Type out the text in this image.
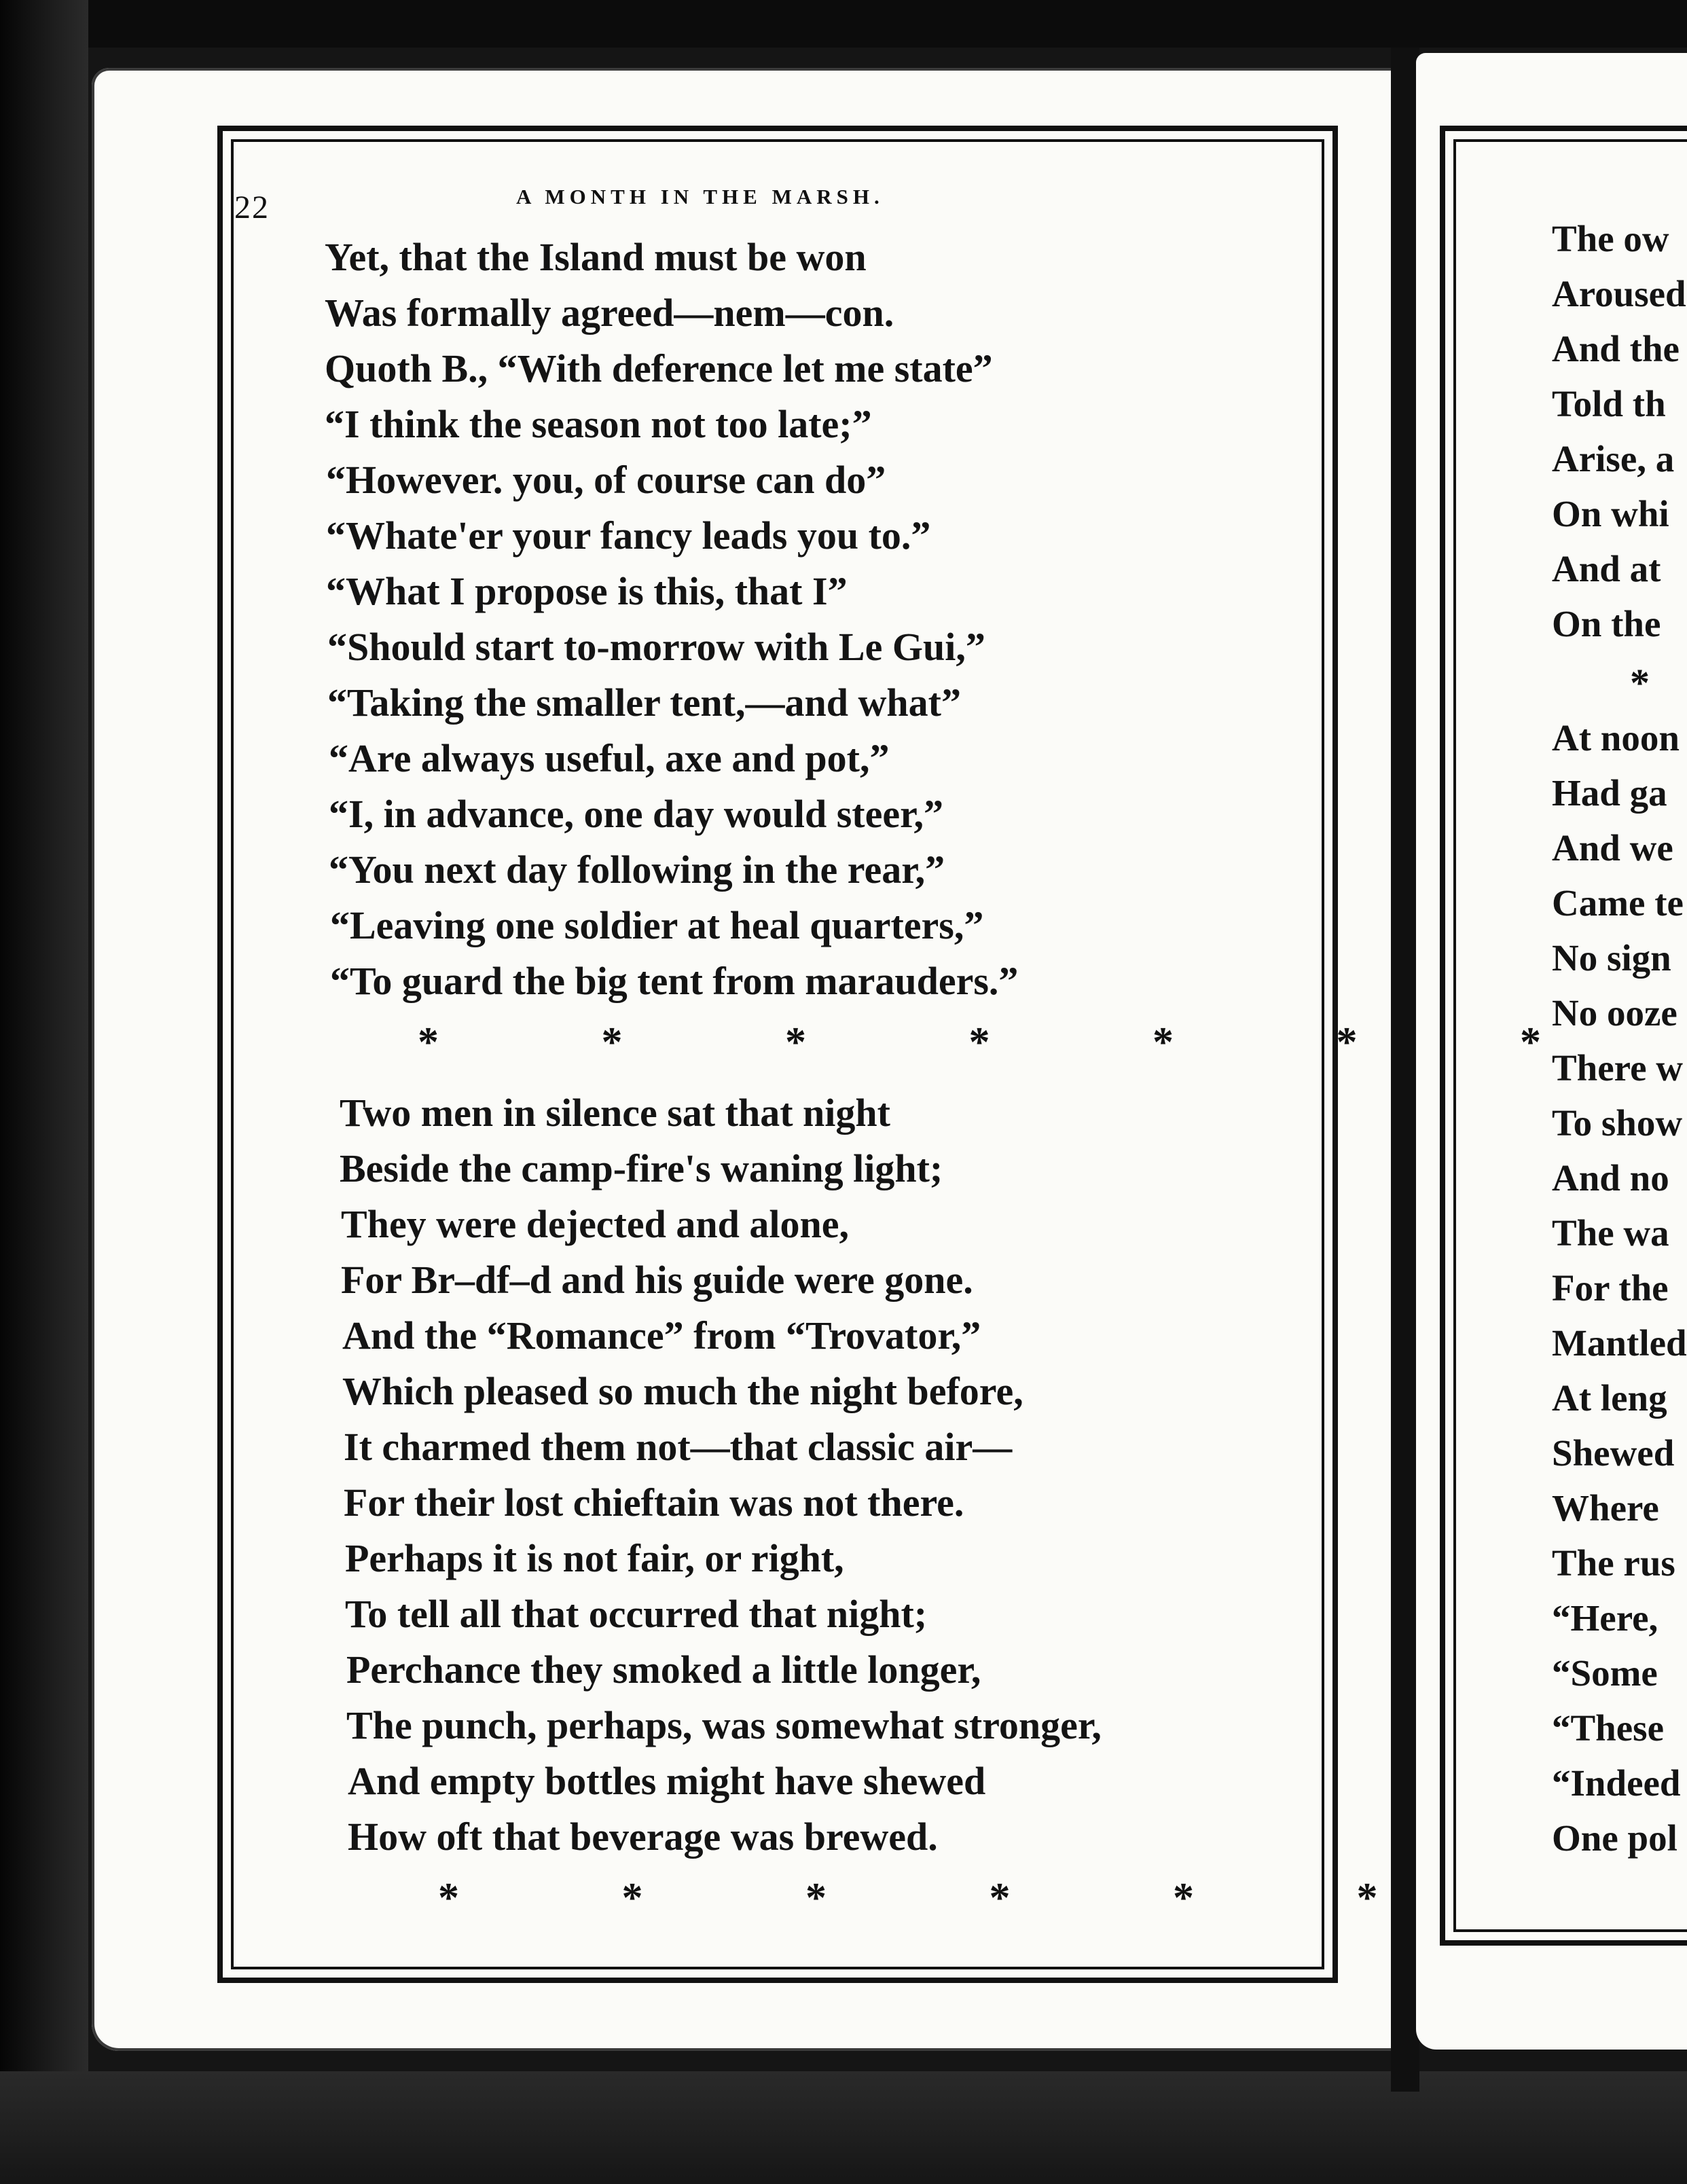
22	A MONTH IN THE MARSH.
Yet, that the Island must be won
Was formally agreed—nem—con.
Quoth B., “With deference let me state”
“I think the season not too late;”
“However. you, of course can do”
“Whate'er your fancy leads you to.”
“What I propose is this, that I”
“Should start to-morrow with Le Gui,”
“Taking the smaller tent,—and what”
“Are always useful, axe and pot,”
“I, in advance, one day would steer,”
“You next day following in the rear,”
“Leaving one soldier at heal quarters,”
“To guard the big tent from marauders.”
* * * * * * *
Two men in silence sat that night
Beside the camp-fire's waning light;
They were dejected and alone,
For Br–df–d and his guide were gone.
And the “Romance” from “Trovator,”
Which pleased so much the night before,
It charmed them not—that classic air—
For their lost chieftain was not there.
Perhaps it is not fair, or right,
To tell all that occurred that night;
Perchance they smoked a little longer,
The punch, perhaps, was somewhat stronger,
And empty bottles might have shewed
How oft that beverage was brewed.
* * * * * *
The ow
Aroused
And the
Told th
Arise, a
On whi
And at
On the
At noon
Had ga
And we
Came te
No sign
No ooze
There w
To show
And no
The wa
For the
Mantled
At leng
Shewed
Where
The rus
“Here,
“Some
“These
“Indeed
One pol
*
